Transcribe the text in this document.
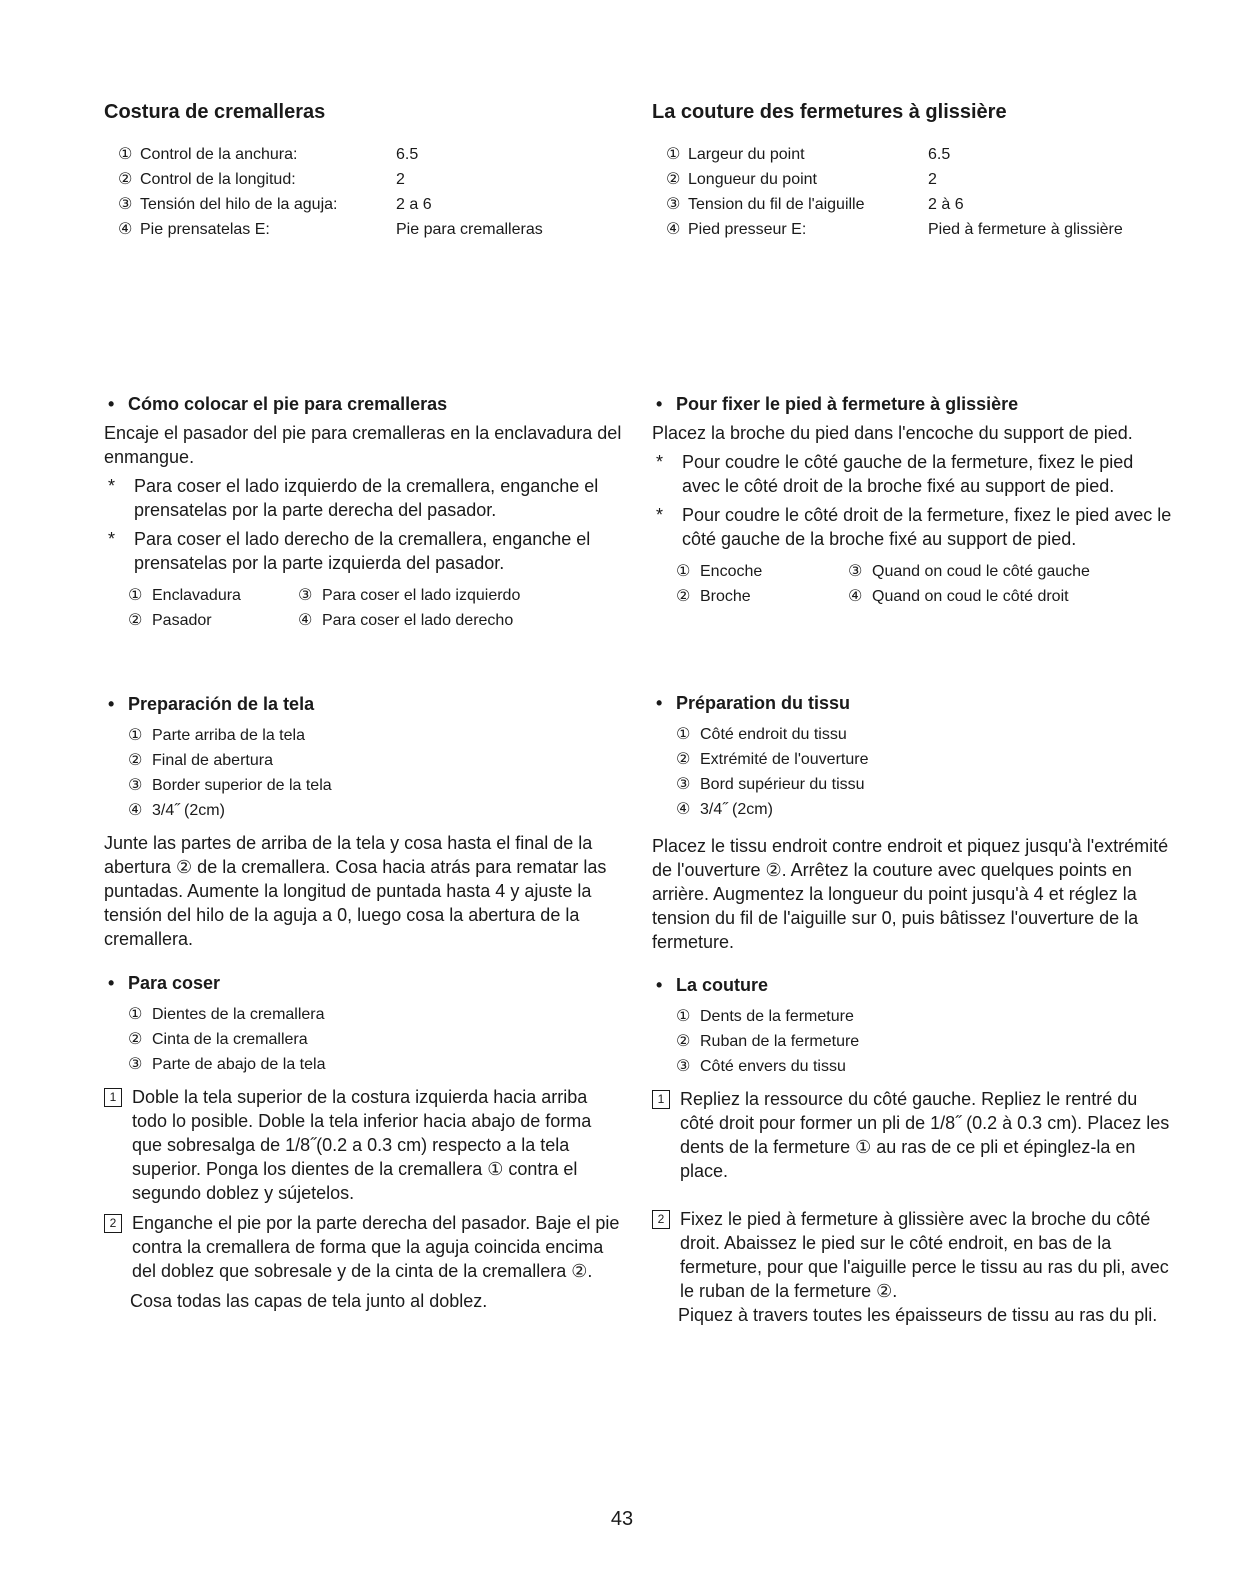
Costura de cremalleras
① Control de la anchura:	6.5
② Control de la longitud:	2
③ Tensión del hilo de la aguja:	2 a 6
④ Pie prensatelas E:	Pie para cremalleras
• Cómo colocar el pie para cremalleras

Encaje el pasador del pie para cremalleras en la enclavadura del enmangue.

*	Para coser el lado izquierdo de la cremallera, enganche el prensatelas por la parte derecha del pasador.
*	Para coser el lado derecho de la cremallera, enganche el prensatelas por la parte izquierda del pasador.
① Enclavadura	③ Para coser el lado izquierdo
② Pasador	④ Para coser el lado derecho
• Preparación de la tela
① Parte arriba de la tela
② Final de abertura
③ Border superior de la tela
④ 3/4˝ (2cm)

Junte las partes de arriba de la tela y cosa hasta el final de la abertura ② de la cremallera. Cosa hacia atrás para rematar las puntadas. Aumente la longitud de puntada hasta 4 y ajuste la tensión del hilo de la aguja a 0, luego cosa la abertura de la cremallera.

• Para coser
① Dientes de la cremallera
② Cinta de la cremallera
③ Parte de abajo de la tela
1 Doble la tela superior de la costura izquierda hacia arriba todo lo posible. Doble la tela inferior hacia abajo de forma que sobresalga de 1/8˝(0.2 a 0.3 cm) respecto a la tela superior. Ponga los dientes de la cremallera ① contra el segundo doblez y sújetelos.
2 Enganche el pie por la parte derecha del pasador. Baje el pie contra la cremallera de forma que la aguja coincida encima del doblez que sobresale y de la cinta de la cremallera ②.
Cosa todas las capas de tela junto al doblez.
La couture des fermetures à glissière
① Largeur du point	6.5
② Longueur du point	2
③ Tension du fil de l'aiguille	2 à 6
④ Pied presseur E:	Pied à fermeture à glissière
• Pour fixer le pied à fermeture à glissière

Placez la broche du pied dans l'encoche du support de pied.

*	Pour coudre le côté gauche de la fermeture, fixez le pied avec le côté droit de la broche fixé au support de pied.
*	Pour coudre le côté droit de la fermeture, fixez le pied avec le côté gauche de la broche fixé au support de pied.
① Encoche	③ Quand on coud le côté gauche
② Broche	④ Quand on coud le côté droit
• Préparation du tissu
① Côté endroit du tissu
② Extrémité de l'ouverture
③ Bord supérieur du tissu
④ 3/4˝ (2cm)

Placez le tissu endroit contre endroit et piquez jusqu'à l'extrémité de l'ouverture ②. Arrêtez la couture avec quelques points en arrière. Augmentez la longueur du point jusqu'à 4 et réglez la tension du fil de l'aiguille sur 0, puis bâtissez l'ouverture de la fermeture.

• La couture
① Dents de la fermeture
② Ruban de la fermeture
③ Côté envers du tissu
1 Repliez la ressource du côté gauche. Repliez le rentré du côté droit pour former un pli de 1/8˝ (0.2 à 0.3 cm). Placez les dents de la fermeture ① au ras de ce pli et épinglez-la en place.
2 Fixez le pied à fermeture à glissière avec la broche du côté droit. Abaissez le pied sur le côté endroit, en bas de la fermeture, pour que l'aiguille perce le tissu au ras du pli, avec le ruban de la fermeture ②.
Piquez à travers toutes les épaisseurs de tissu au ras du pli.
43
